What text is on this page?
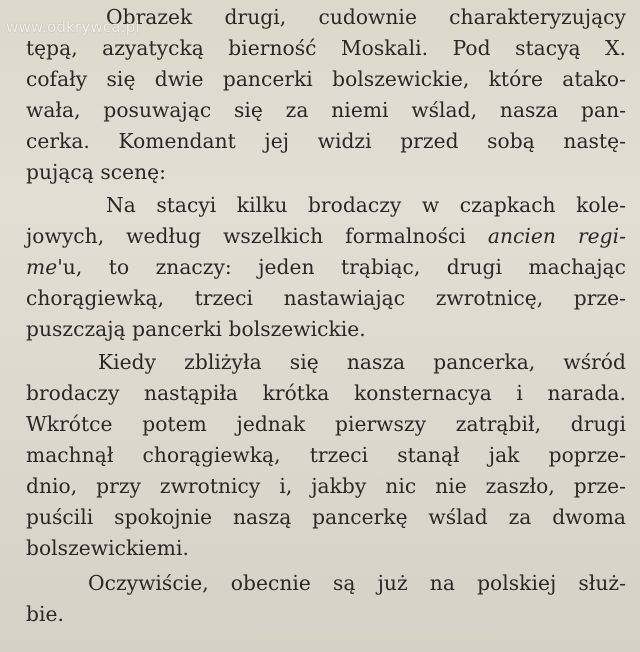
www.odkrywca.pl
Obrazek drugi, cudownie charakteryzujący
tępą, azyatycką bierność Moskali. Pod stacyą X.
cofały się dwie pancerki bolszewickie, które atako-
wała, posuwając się za niemi wślad, nasza pan-
cerka. Komendant jej widzi przed sobą nastę-
pującą scenę:
Na stacyi kilku brodaczy w czapkach kole-
jowych, według wszelkich formalności ancien regi-
me'u, to znaczy: jeden trąbiąc, drugi machając
chorągiewką, trzeci nastawiając zwrotnicę, prze-
puszczają pancerki bolszewickie.
Kiedy zbliżyła się nasza pancerka, wśród
brodaczy nastąpiła krótka konsternacya i narada.
Wkrótce potem jednak pierwszy zatrąbił, drugi
machnął chorągiewką, trzeci stanął jak poprze-
dnio, przy zwrotnicy i, jakby nic nie zaszło, prze-
puścili spokojnie naszą pancerkę wślad za dwoma
bolszewickiemi.
Oczywiście, obecnie są już na polskiej służ-
bie.
